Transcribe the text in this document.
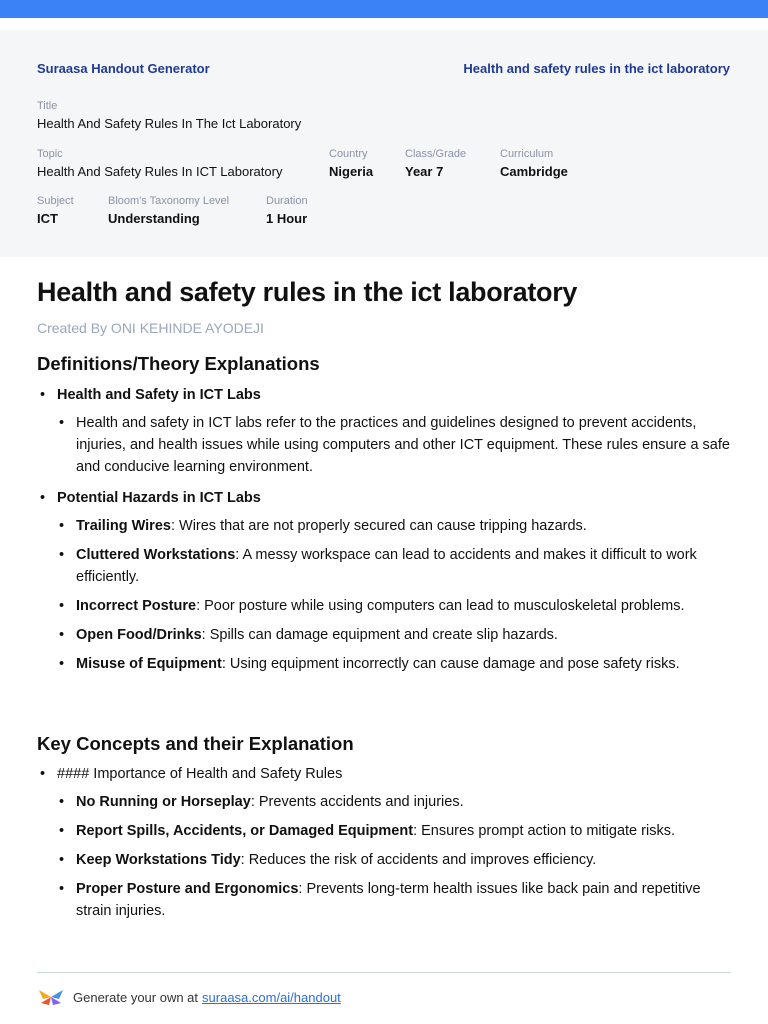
Suraasa Handout Generator	Health and safety rules in the ict laboratory
Title
Health And Safety Rules In The Ict Laboratory
Topic
Health And Safety Rules In ICT Laboratory
Country
Nigeria
Class/Grade
Year 7
Curriculum
Cambridge
Subject
ICT
Bloom's Taxonomy Level
Understanding
Duration
1 Hour
Health and safety rules in the ict laboratory
Created By ONI KEHINDE AYODEJI
Definitions/Theory Explanations
• Health and Safety in ICT Labs
• Health and safety in ICT labs refer to the practices and guidelines designed to prevent accidents, injuries, and health issues while using computers and other ICT equipment. These rules ensure a safe and conducive learning environment.
• Potential Hazards in ICT Labs
• Trailing Wires: Wires that are not properly secured can cause tripping hazards.
• Cluttered Workstations: A messy workspace can lead to accidents and makes it difficult to work efficiently.
• Incorrect Posture: Poor posture while using computers can lead to musculoskeletal problems.
• Open Food/Drinks: Spills can damage equipment and create slip hazards.
• Misuse of Equipment: Using equipment incorrectly can cause damage and pose safety risks.
Key Concepts and their Explanation
• #### Importance of Health and Safety Rules
• No Running or Horseplay: Prevents accidents and injuries.
• Report Spills, Accidents, or Damaged Equipment: Ensures prompt action to mitigate risks.
• Keep Workstations Tidy: Reduces the risk of accidents and improves efficiency.
• Proper Posture and Ergonomics: Prevents long-term health issues like back pain and repetitive strain injuries.
Generate your own at suraasa.com/ai/handout
